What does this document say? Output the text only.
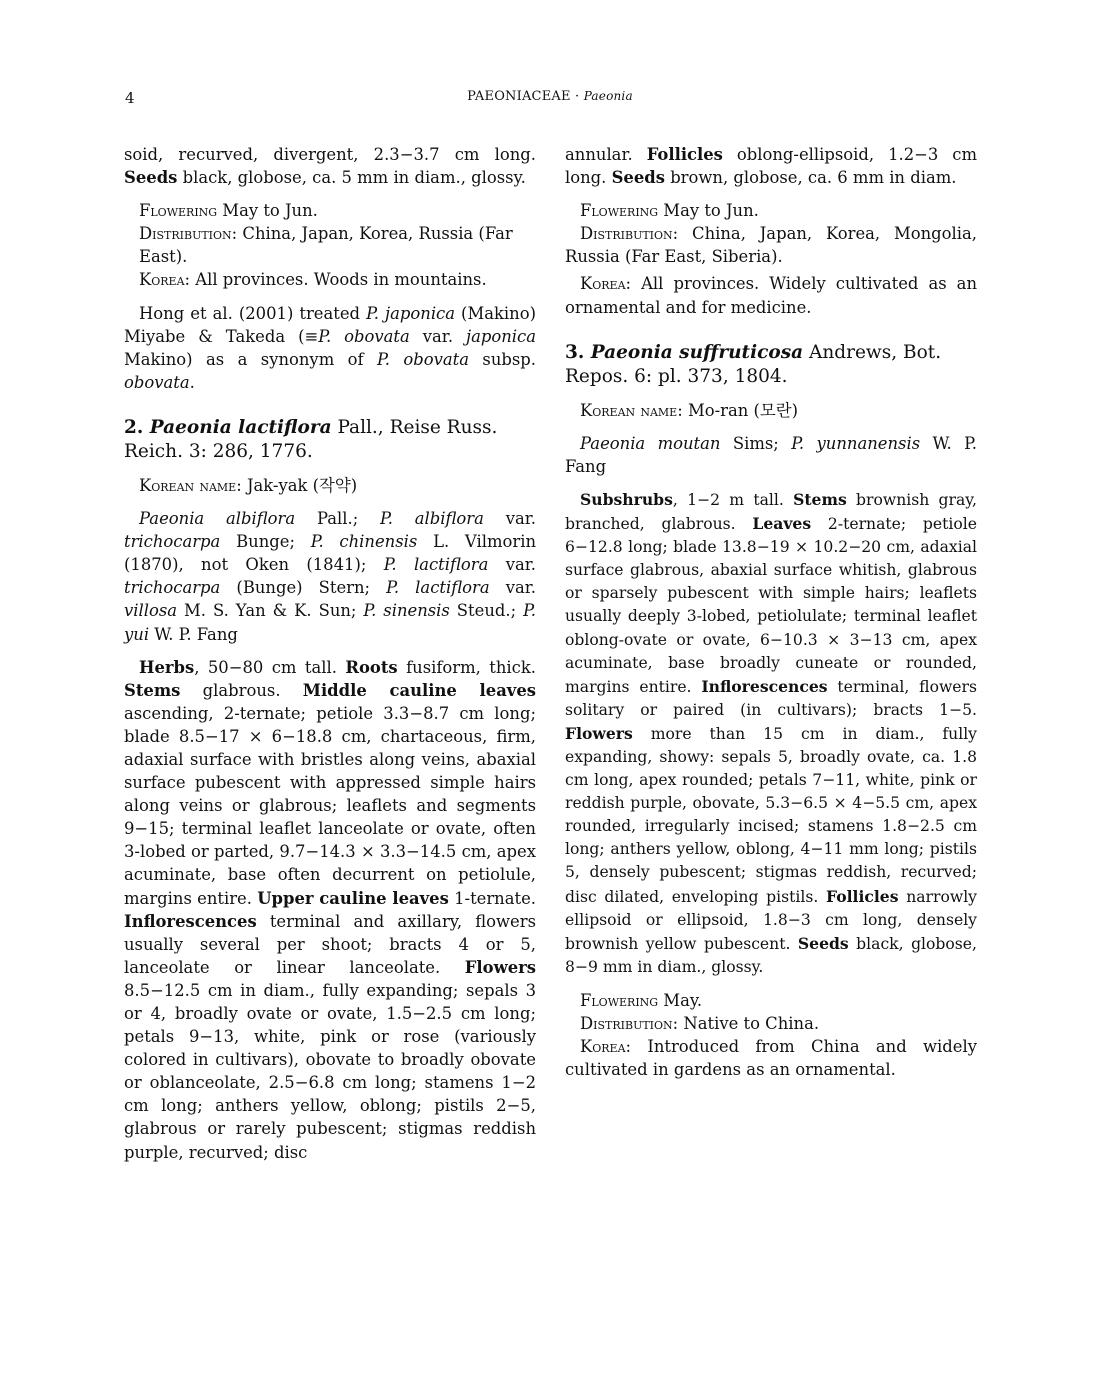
4	PAEONIACEAE · Paeonia

soid, recurved, divergent, 2.3−3.7 cm long. Seeds black, globose, ca. 5 mm in diam., glossy.

Flowering May to Jun.

Distribution: China, Japan, Korea, Russia (Far East).

Korea: All provinces. Woods in mountains.

Hong et al. (2001) treated P. japonica (Makino) Miyabe & Takeda (≡P. obovata var. japonica Makino) as a synonym of P. obovata subsp. obovata.

2. Paeonia lactiflora Pall., Reise Russ. Reich. 3: 286, 1776.

Korean name: Jak-yak (작약)

Paeonia albiflora Pall.; P. albiflora var. trichocarpa Bunge; P. chinensis L. Vilmorin (1870), not Oken (1841); P. lactiflora var. trichocarpa (Bunge) Stern; P. lactiflora var. villosa M. S. Yan & K. Sun; P. sinensis Steud.; P. yui W. P. Fang

Herbs, 50−80 cm tall. Roots fusiform, thick. Stems glabrous. Middle cauline leaves ascending, 2-ternate; petiole 3.3−8.7 cm long; blade 8.5−17 × 6−18.8 cm, chartaceous, firm, adaxial surface with bristles along veins, abaxial surface pubescent with appressed simple hairs along veins or glabrous; leaflets and segments 9−15; terminal leaflet lanceolate or ovate, often 3-lobed or parted, 9.7−14.3 × 3.3−14.5 cm, apex acuminate, base often decurrent on petiolule, margins entire. Upper cauline leaves 1-ternate. Inflorescences terminal and axillary, flowers usually several per shoot; bracts 4 or 5, lanceolate or linear lanceolate. Flowers 8.5−12.5 cm in diam., fully expanding; sepals 3 or 4, broadly ovate or ovate, 1.5−2.5 cm long; petals 9−13, white, pink or rose (variously colored in cultivars), obovate to broadly obovate or oblanceolate, 2.5−6.8 cm long; stamens 1−2 cm long; anthers yellow, oblong; pistils 2−5, glabrous or rarely pubescent; stigmas reddish purple, recurved; disc

annular. Follicles oblong-ellipsoid, 1.2−3 cm long. Seeds brown, globose, ca. 6 mm in diam.

Flowering May to Jun.

Distribution: China, Japan, Korea, Mongolia, Russia (Far East, Siberia).

Korea: All provinces. Widely cultivated as an ornamental and for medicine.

3. Paeonia suffruticosa Andrews, Bot. Repos. 6: pl. 373, 1804.

Korean name: Mo-ran (모란)

Paeonia moutan Sims; P. yunnanensis W. P. Fang

Subshrubs, 1−2 m tall. Stems brownish gray, branched, glabrous. Leaves 2-ternate; petiole 6−12.8 long; blade 13.8−19 × 10.2−20 cm, adaxial surface glabrous, abaxial surface whitish, glabrous or sparsely pubescent with simple hairs; leaflets usually deeply 3-lobed, petiolulate; terminal leaflet oblong-ovate or ovate, 6−10.3 × 3−13 cm, apex acuminate, base broadly cuneate or rounded, margins entire. Inflorescences terminal, flowers solitary or paired (in cultivars); bracts 1−5. Flowers more than 15 cm in diam., fully expanding, showy: sepals 5, broadly ovate, ca. 1.8 cm long, apex rounded; petals 7−11, white, pink or reddish purple, obovate, 5.3−6.5 × 4−5.5 cm, apex rounded, irregularly incised; stamens 1.8−2.5 cm long; anthers yellow, oblong, 4−11 mm long; pistils 5, densely pubescent; stigmas reddish, recurved; disc dilated, enveloping pistils. Follicles narrowly ellipsoid or ellipsoid, 1.8−3 cm long, densely brownish yellow pubescent. Seeds black, globose, 8−9 mm in diam., glossy.

Flowering May.

Distribution: Native to China.

Korea: Introduced from China and widely cultivated in gardens as an ornamental.
